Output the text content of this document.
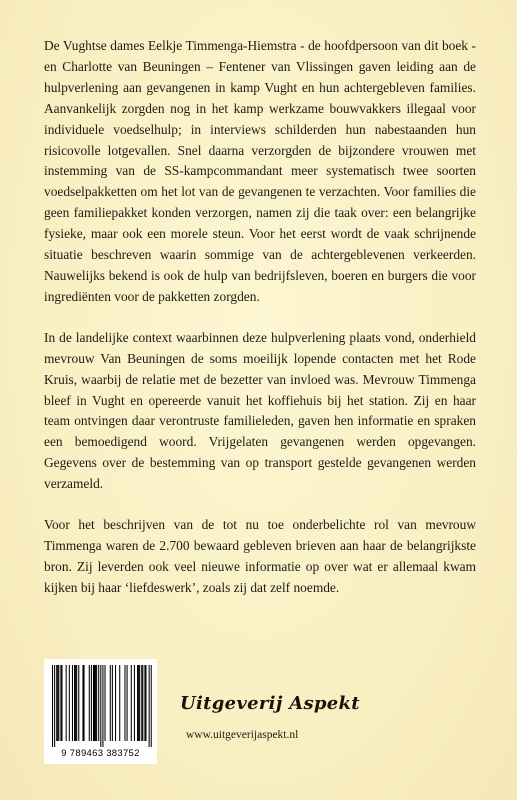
De Vughtse dames Eelkje Timmenga-Hiemstra - de hoofdpersoon van dit boek - en Charlotte van Beuningen – Fentener van Vlissingen gaven leiding aan de hulpverlening aan gevangenen in kamp Vught en hun achtergebleven families. Aanvankelijk zorgden nog in het kamp werkzame bouwvakkers illegaal voor individuele voedselhulp; in interviews schilderden hun nabestaanden hun risicovolle lotgevallen. Snel daarna verzorgden de bijzondere vrouwen met instemming van de SS-kampcommandant meer systematisch twee soorten voedselpakketten om het lot van de gevangenen te verzachten. Voor families die geen familiepakket konden verzorgen, namen zij die taak over: een belangrijke fysieke, maar ook een morele steun. Voor het eerst wordt de vaak schrijnende situatie beschreven waarin sommige van de achtergeblevenen verkeerden. Nauwelijks bekend is ook de hulp van bedrijfsleven, boeren en burgers die voor ingrediënten voor de pakketten zorgden.

In de landelijke context waarbinnen deze hulpverlening plaats vond, onderhield mevrouw Van Beuningen de soms moeilijk lopende contacten met het Rode Kruis, waarbij de relatie met de bezetter van invloed was. Mevrouw Timmenga bleef in Vught en opereerde vanuit het koffiehuis bij het station. Zij en haar team ontvingen daar verontruste familieleden, gaven hen informatie en spraken een bemoedigend woord. Vrijgelaten gevangenen werden opgevangen. Gegevens over de bestemming van op transport gestelde gevangenen werden verzameld.

Voor het beschrijven van de tot nu toe onderbelichte rol van mevrouw Timmenga waren de 2.700 bewaard gebleven brieven aan haar de belangrijkste bron. Zij leverden ook veel nieuwe informatie op over wat er allemaal kwam kijken bij haar ‘liefdeswerk’, zoals zij dat zelf noemde.

9 789463 383752
Uitgeverij Aspekt
www.uitgeverijaspekt.nl
